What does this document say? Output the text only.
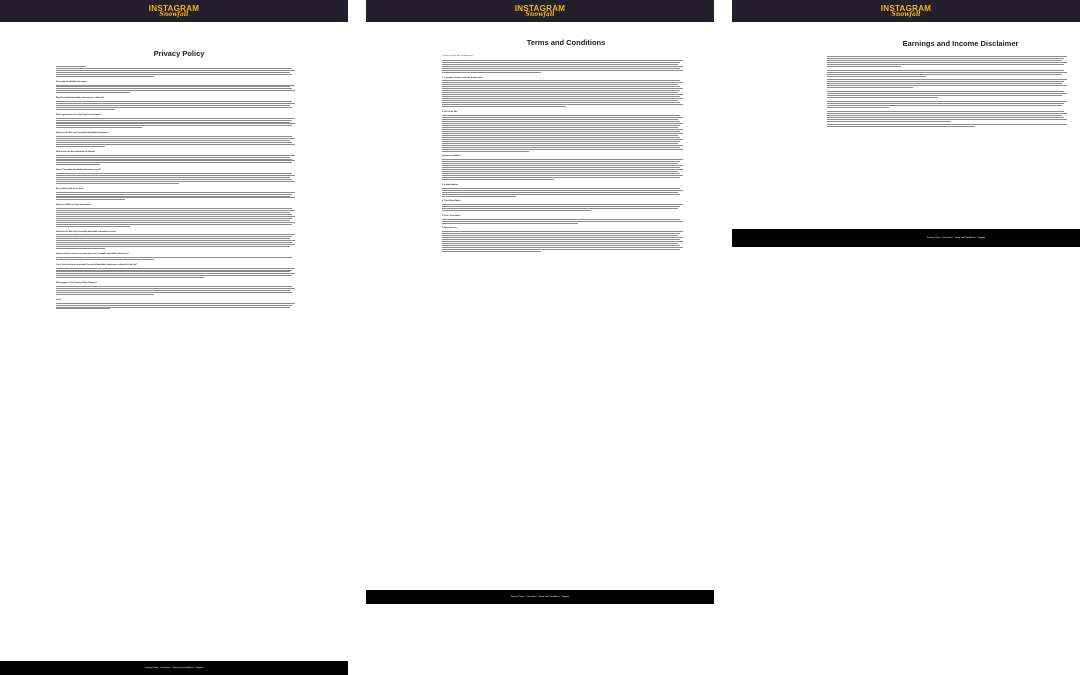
INSTAGRAM
Snowfall
Privacy Policy
Personally Identifiable Information
What Personally Identifiable Information is collected?
What organizations are collecting the information?
How does the Site use Personally Identifiable Information?
With whom may the information be shared?
How is Personally Identifiable Information stored?
Are Cookies Used on the Site?
How does [URL] use login information?
How does the Site keep Personally Identifiable Information secure?
How can Visitors correct any inaccuracies in Personally Identifiable Information?
Can a Visitor delete or deactivate Personally Identifiable Information collected by the Site?
What happens if the Privacy Policy Changes?
Links:
Privacy Policy · Disclaimer · Terms and Conditions · Support
INSTAGRAM
Snowfall
Terms and Conditions
[Company Name] Web Site Agreement
1. Copyright, Licenses and Idea Submissions.
2. Use of the Site.
Limitation of liability
3. Indemnification.
4. Third Party Rights.
5. Term; Termination.
6. Miscellaneous.
Privacy Policy · Disclaimer · Terms and Conditions · Support
INSTAGRAM
Snowfall
Earnings and Income Disclaimer
Privacy Policy · Disclaimer · Terms and Conditions · Support
